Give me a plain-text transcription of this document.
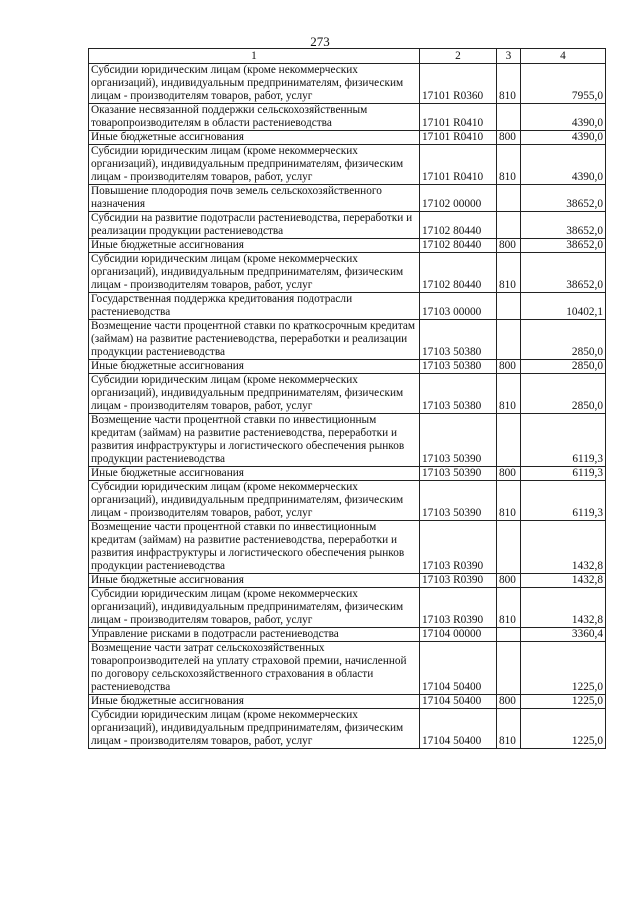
273
1	2	3	4
Субсидии юридическим лицам (кроме некоммерческих организаций), индивидуальным предпринимателям, физическим лицам - производителям товаров, работ, услуг	17101 R0360	810	7955,0
Оказание несвязанной поддержки сельскохозяйственным товаропроизводителям в области растениеводства	17101 R0410		4390,0
Иные бюджетные ассигнования	17101 R0410	800	4390,0
Субсидии юридическим лицам (кроме некоммерческих организаций), индивидуальным предпринимателям, физическим лицам - производителям товаров, работ, услуг	17101 R0410	810	4390,0
Повышение плодородия почв земель сельскохозяйственного назначения	17102 00000		38652,0
Субсидии на развитие подотрасли растениеводства, переработки и реализации продукции растениеводства	17102 80440		38652,0
Иные бюджетные ассигнования	17102 80440	800	38652,0
Субсидии юридическим лицам (кроме некоммерческих организаций), индивидуальным предпринимателям, физическим лицам - производителям товаров, работ, услуг	17102 80440	810	38652,0
Государственная поддержка кредитования подотрасли растениеводства	17103 00000		10402,1
Возмещение части процентной ставки по краткосрочным кредитам (займам) на развитие растениеводства, переработки и реализации продукции растениеводства	17103 50380		2850,0
Иные бюджетные ассигнования	17103 50380	800	2850,0
Субсидии юридическим лицам (кроме некоммерческих организаций), индивидуальным предпринимателям, физическим лицам - производителям товаров, работ, услуг	17103 50380	810	2850,0
Возмещение части процентной ставки по инвестиционным кредитам (займам) на развитие растениеводства, переработки и развития инфраструктуры и логистического обеспечения рынков продукции растениеводства	17103 50390		6119,3
Иные бюджетные ассигнования	17103 50390	800	6119,3
Субсидии юридическим лицам (кроме некоммерческих организаций), индивидуальным предпринимателям, физическим лицам - производителям товаров, работ, услуг	17103 50390	810	6119,3
Возмещение части процентной ставки по инвестиционным кредитам (займам) на развитие растениеводства, переработки и развития инфраструктуры и логистического обеспечения рынков продукции растениеводства	17103 R0390		1432,8
Иные бюджетные ассигнования	17103 R0390	800	1432,8
Субсидии юридическим лицам (кроме некоммерческих организаций), индивидуальным предпринимателям, физическим лицам - производителям товаров, работ, услуг	17103 R0390	810	1432,8
Управление рисками в подотрасли растениеводства	17104 00000		3360,4
Возмещение части затрат сельскохозяйственных товаропроизводителей на уплату страховой премии, начисленной по договору сельскохозяйственного страхования в области растениеводства	17104 50400		1225,0
Иные бюджетные ассигнования	17104 50400	800	1225,0
Субсидии юридическим лицам (кроме некоммерческих организаций), индивидуальным предпринимателям, физическим лицам - производителям товаров, работ, услуг	17104 50400	810	1225,0
